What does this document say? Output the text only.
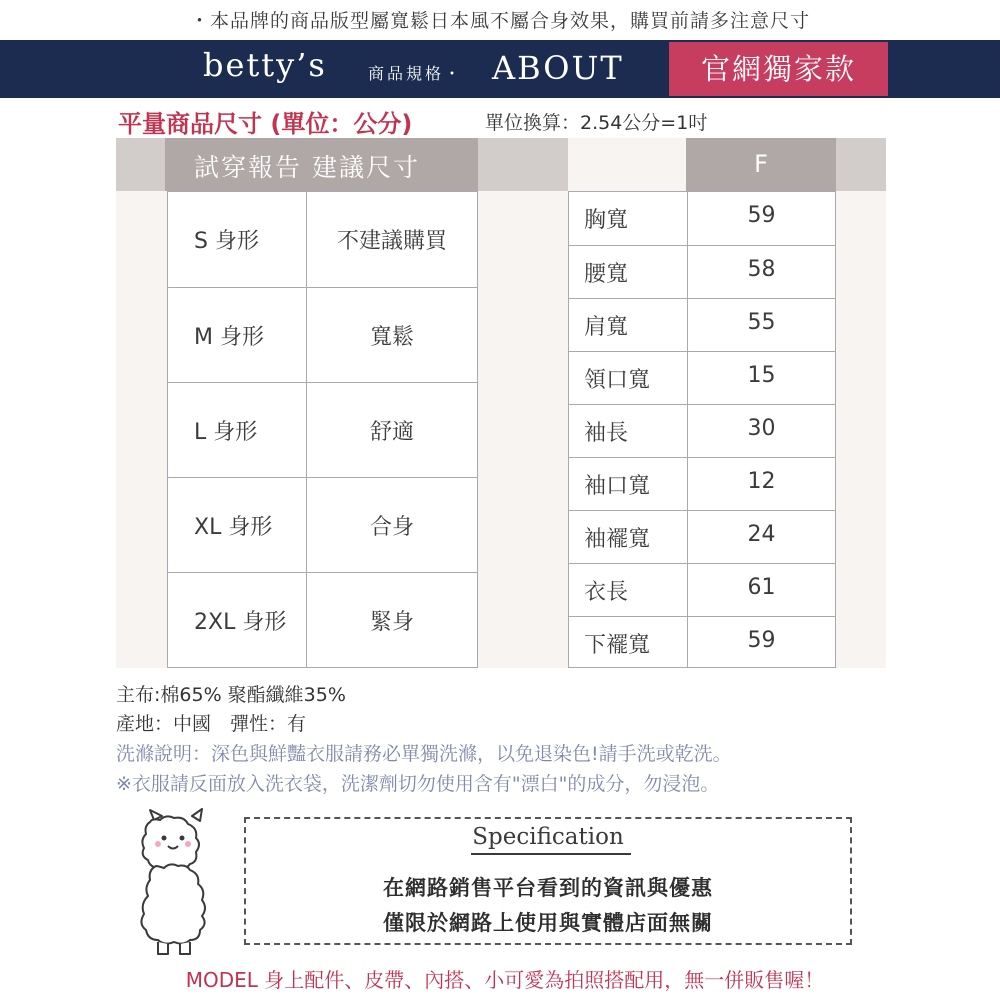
・本品牌的商品版型屬寬鬆日本風不屬合身效果，購買前請多注意尺寸
betty’s	商品規格・ ABOUT	官網獨家款
平量商品尺寸 (單位：公分)	單位換算：2.54公分=1吋
試穿報告 建議尺寸	F
S 身形	不建議購買
M 身形	寬鬆
L 身形	舒適
XL 身形	合身
2XL 身形	緊身
胸寬	59
腰寬	58
肩寬	55
領口寬	15
袖長	30
袖口寬	12
袖襬寬	24
衣長	61
下襬寬	59
主布:棉65% 聚酯纖維35%
產地：中國　彈性：有
洗滌說明：深色與鮮豔衣服請務必單獨洗滌，以免退染色!請手洗或乾洗。
※衣服請反面放入洗衣袋，洗潔劑切勿使用含有"漂白"的成分，勿浸泡。
Specification
在網路銷售平台看到的資訊與優惠
僅限於網路上使用與實體店面無關
MODEL 身上配件、皮帶、內搭、小可愛為拍照搭配用，無一併販售喔！
